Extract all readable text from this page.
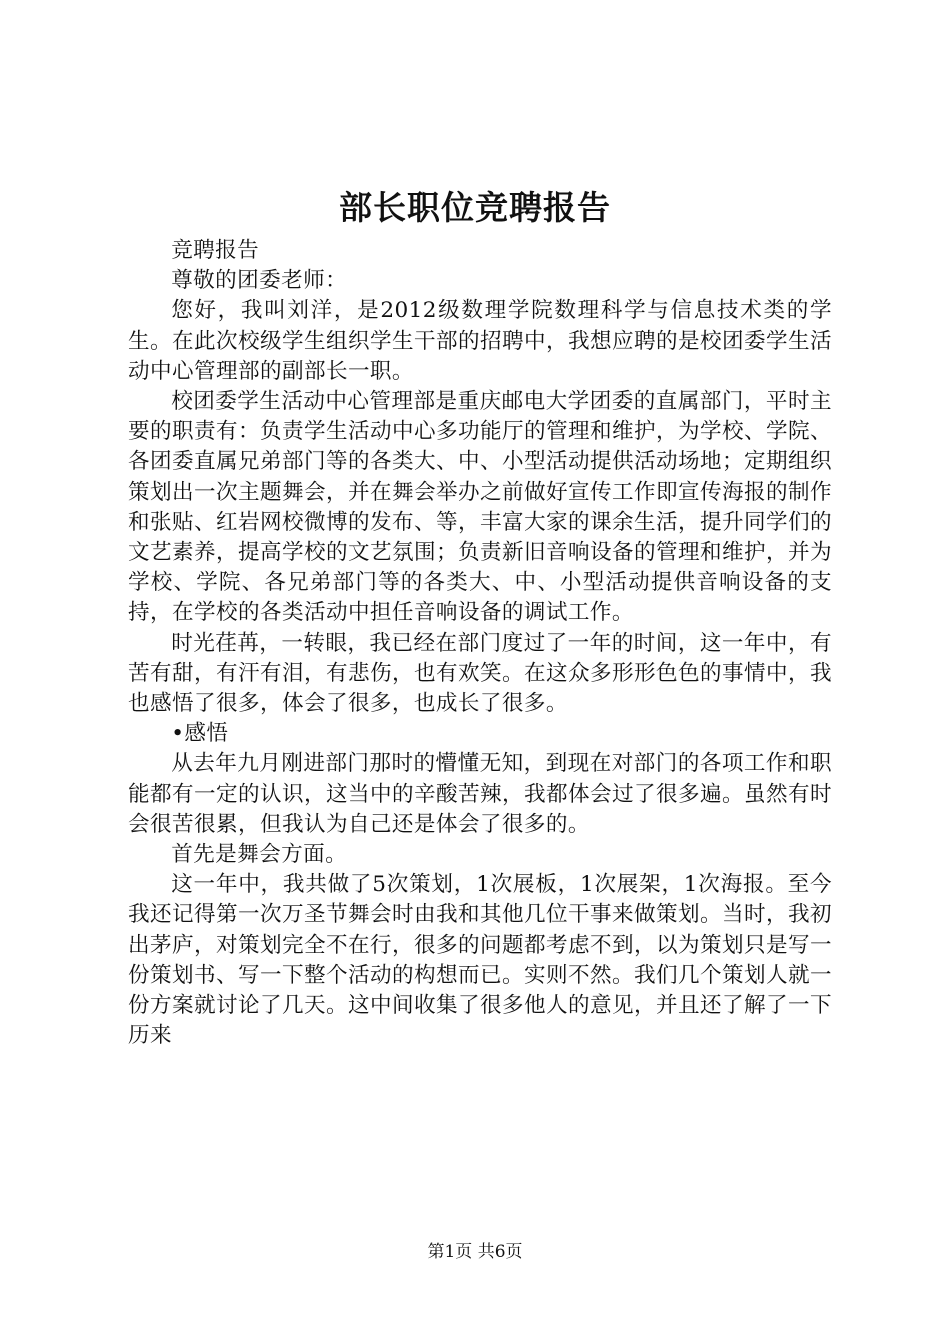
部长职位竞聘报告

竞聘报告

尊敬的团委老师：

您好，我叫刘洋，是2012级数理学院数理科学与信息技术类的学生。在此次校级学生组织学生干部的招聘中，我想应聘的是校团委学生活动中心管理部的副部长一职。

校团委学生活动中心管理部是重庆邮电大学团委的直属部门，平时主要的职责有：负责学生活动中心多功能厅的管理和维护，为学校、学院、各团委直属兄弟部门等的各类大、中、小型活动提供活动场地；定期组织策划出一次主题舞会，并在舞会举办之前做好宣传工作即宣传海报的制作和张贴、红岩网校微博的发布、等，丰富大家的课余生活，提升同学们的文艺素养，提高学校的文艺氛围；负责新旧音响设备的管理和维护，并为学校、学院、各兄弟部门等的各类大、中、小型活动提供音响设备的支持，在学校的各类活动中担任音响设备的调试工作。

时光荏苒，一转眼，我已经在部门度过了一年的时间，这一年中，有苦有甜，有汗有泪，有悲伤，也有欢笑。在这众多形形色色的事情中，我也感悟了很多，体会了很多，也成长了很多。

•感悟

从去年九月刚进部门那时的懵懂无知，到现在对部门的各项工作和职能都有一定的认识，这当中的辛酸苦辣，我都体会过了很多遍。虽然有时会很苦很累，但我认为自己还是体会了很多的。

首先是舞会方面。

这一年中，我共做了5次策划，1次展板，1次展架，1次海报。至今我还记得第一次万圣节舞会时由我和其他几位干事来做策划。当时，我初出茅庐，对策划完全不在行，很多的问题都考虑不到，以为策划只是写一份策划书、写一下整个活动的构想而已。实则不然。我们几个策划人就一份方案就讨论了几天。这中间收集了很多他人的意见，并且还了解了一下历来

第1页 共6页
